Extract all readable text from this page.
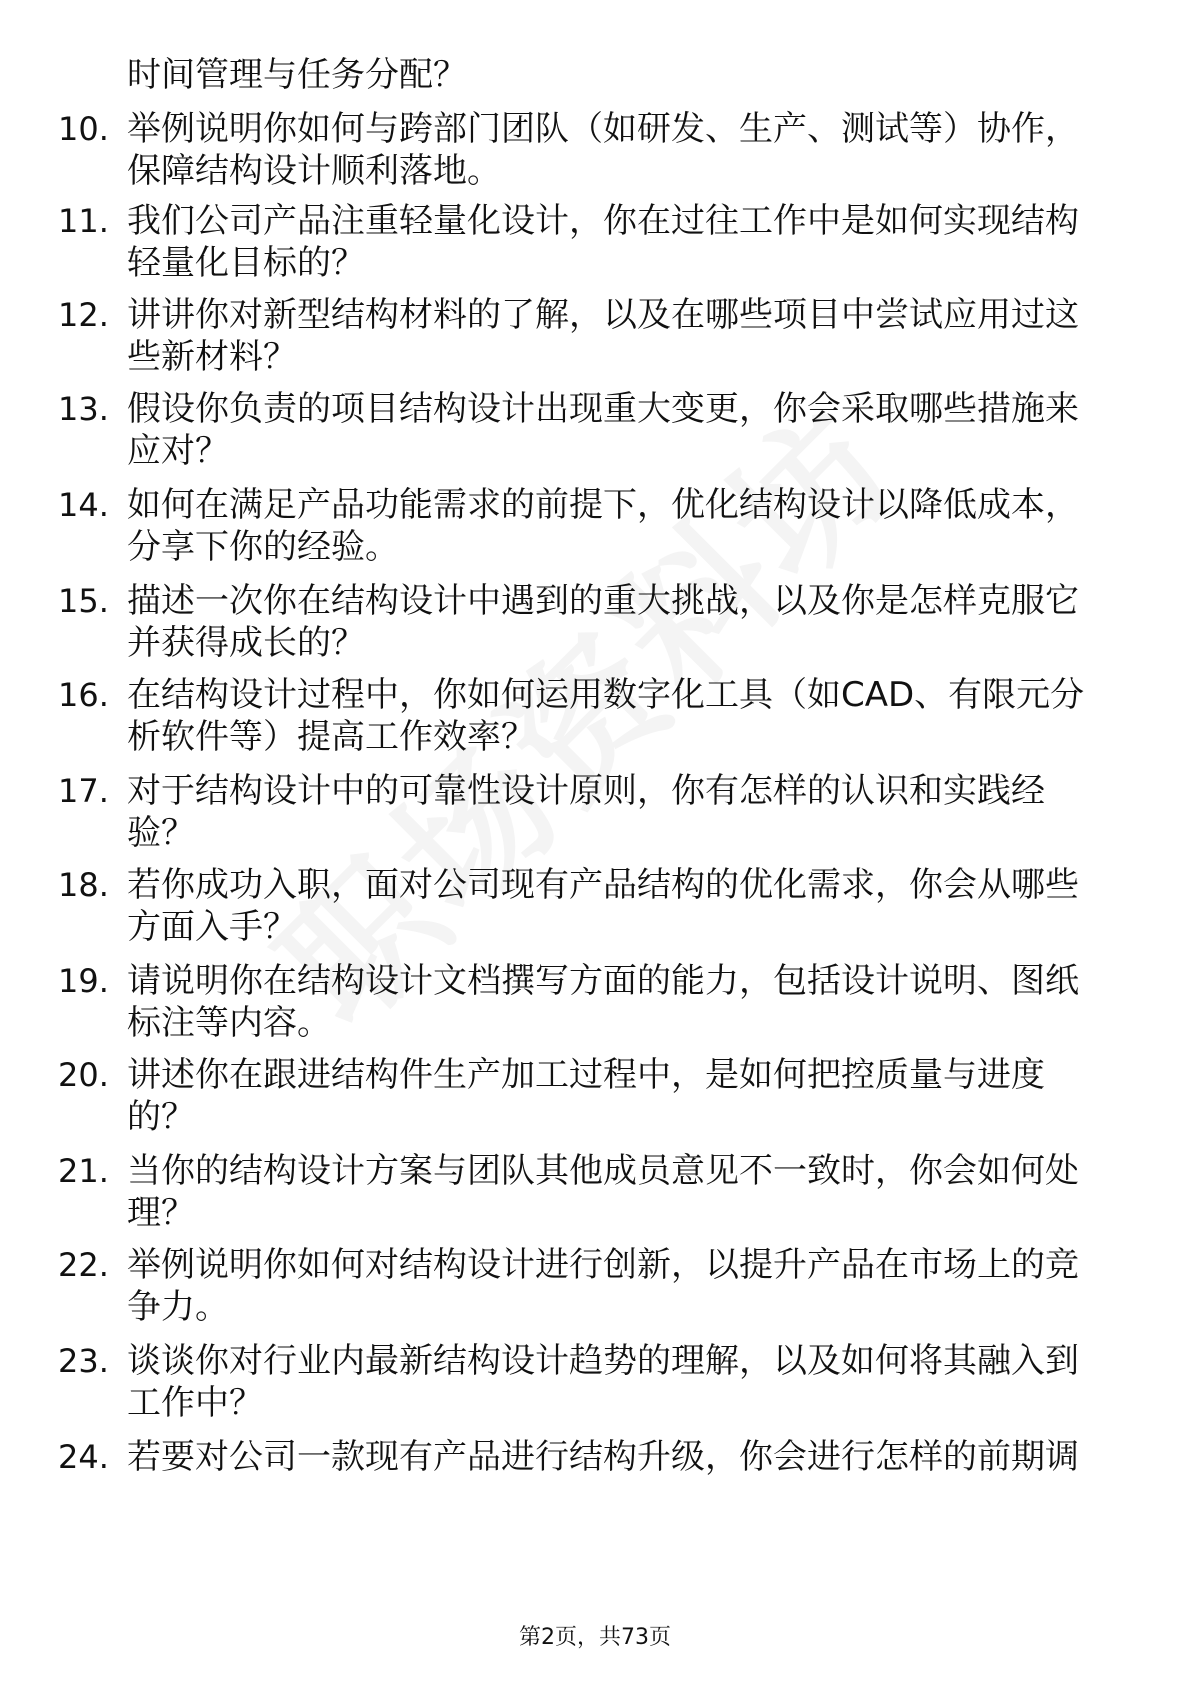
时间管理与任务分配？
10. 举例说明你如何与跨部门团队（如研发、生产、测试等）协作，
保障结构设计顺利落地。
11. 我们公司产品注重轻量化设计，你在过往工作中是如何实现结构
轻量化目标的？
12. 讲讲你对新型结构材料的了解，以及在哪些项目中尝试应用过这
些新材料？
13. 假设你负责的项目结构设计出现重大变更，你会采取哪些措施来
应对？
14. 如何在满足产品功能需求的前提下，优化结构设计以降低成本，
分享下你的经验。
15. 描述一次你在结构设计中遇到的重大挑战，以及你是怎样克服它
并获得成长的？
16. 在结构设计过程中，你如何运用数字化工具（如CAD、有限元分
析软件等）提高工作效率？
17. 对于结构设计中的可靠性设计原则，你有怎样的认识和实践经
验？
18. 若你成功入职，面对公司现有产品结构的优化需求，你会从哪些
方面入手？
19. 请说明你在结构设计文档撰写方面的能力，包括设计说明、图纸
标注等内容。
20. 讲述你在跟进结构件生产加工过程中，是如何把控质量与进度
的？
21. 当你的结构设计方案与团队其他成员意见不一致时，你会如何处
理？
22. 举例说明你如何对结构设计进行创新，以提升产品在市场上的竞
争力。
23. 谈谈你对行业内最新结构设计趋势的理解，以及如何将其融入到
工作中？
24. 若要对公司一款现有产品进行结构升级，你会进行怎样的前期调
第2页，共73页
